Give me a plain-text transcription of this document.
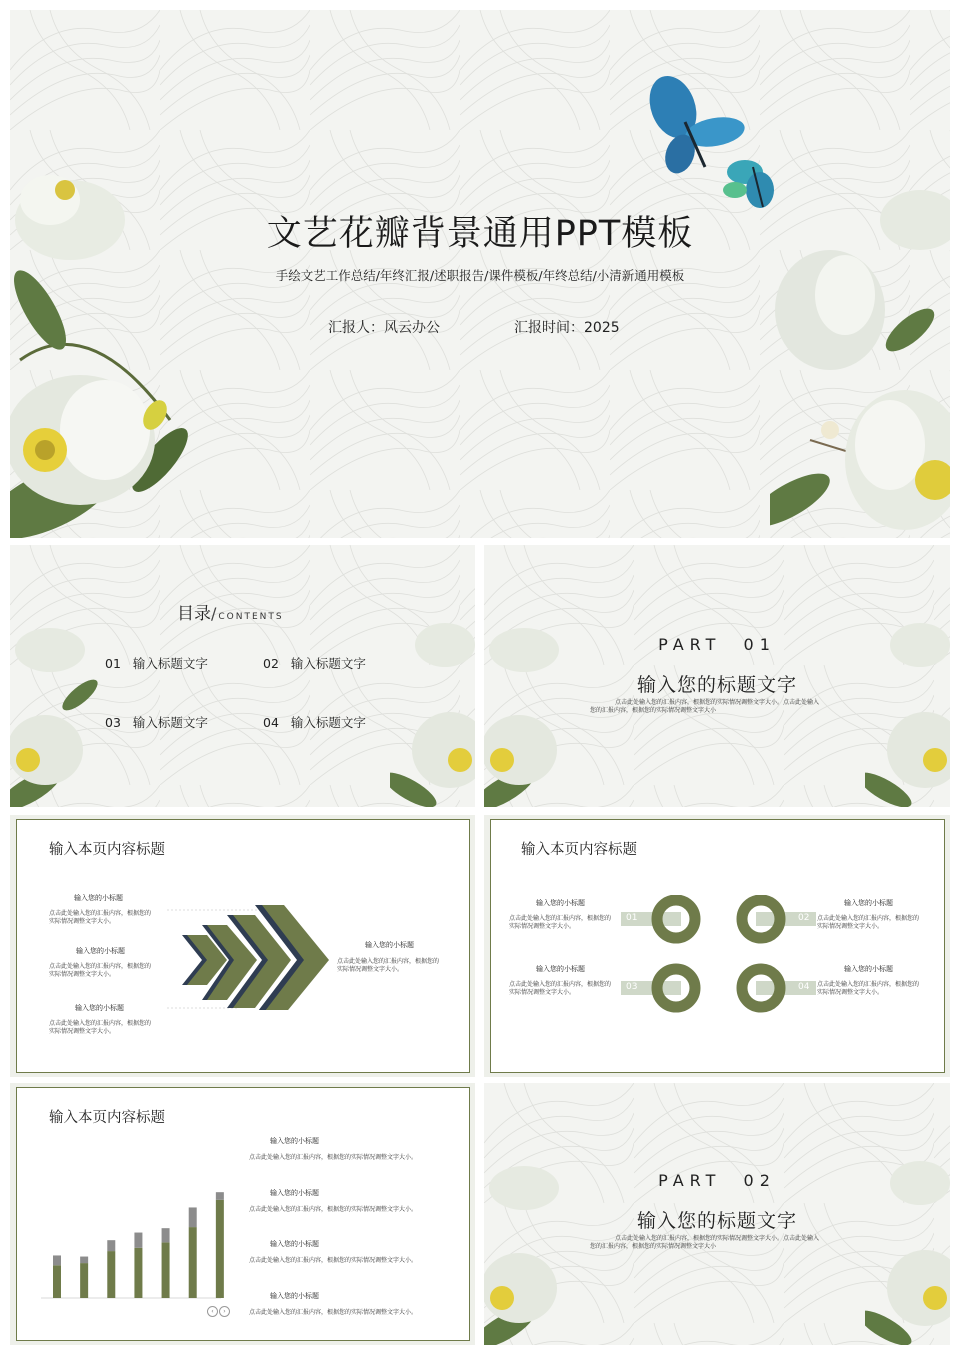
文艺花瓣背景通用PPT模板
手绘文艺工作总结/年终汇报/述职报告/课件模板/年终总结/小清新通用模板
汇报人：风云办公	汇报时间：2025
目录/ CONTENTS
01 输入标题文字	02 输入标题文字
03 输入标题文字	04 输入标题文字
PART  01
输入您的标题文字
点击此处输入您的汇报内容，根据您的实际情况调整文字大小。点击此处输入
您的汇报内容，根据您的实际情况调整文字大小
输入本页内容标题
输入您的小标题
点击此处输入您的汇报内容，根据您的
实际情况调整文字大小。
输入您的小标题
点击此处输入您的汇报内容，根据您的
实际情况调整文字大小。
输入您的小标题
点击此处输入您的汇报内容，根据您的
实际情况调整文字大小。
输入您的小标题
点击此处输入您的汇报内容，根据您的
实际情况调整文字大小。
输入本页内容标题
01	02
03	04
输入您的小标题
点击此处输入您的汇报内容，根据您的
实际情况调整文字大小。
输入您的小标题
点击此处输入您的汇报内容，根据您的
实际情况调整文字大小。
输入您的小标题
点击此处输入您的汇报内容，根据您的
实际情况调整文字大小。
输入您的小标题
点击此处输入您的汇报内容，根据您的
实际情况调整文字大小。
输入本页内容标题
输入您的小标题
点击此处输入您的汇报内容，根据您的实际情况调整文字大小。
输入您的小标题
点击此处输入您的汇报内容，根据您的实际情况调整文字大小。
输入您的小标题
点击此处输入您的汇报内容，根据您的实际情况调整文字大小。
输入您的小标题
点击此处输入您的汇报内容，根据您的实际情况调整文字大小。
‹	›
PART  02
输入您的标题文字
点击此处输入您的汇报内容，根据您的实际情况调整文字大小。点击此处输入
您的汇报内容，根据您的实际情况调整文字大小
